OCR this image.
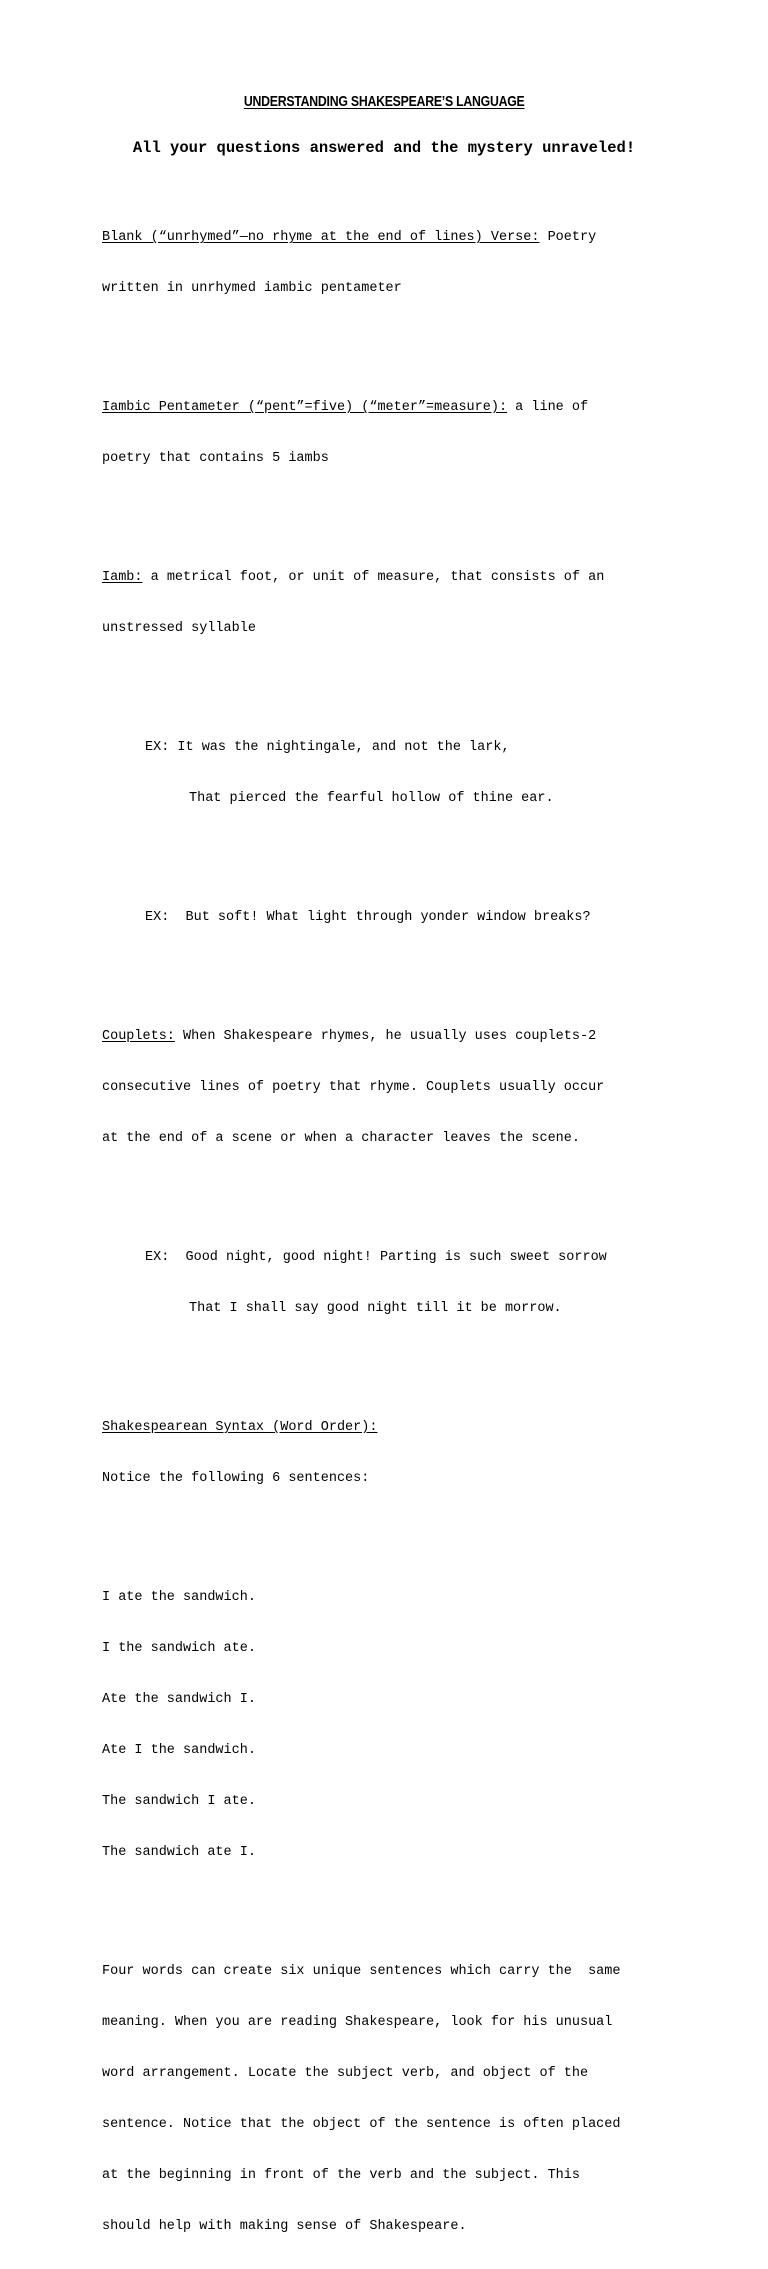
UNDERSTANDING SHAKESPEARE’S LANGUAGE
All your questions answered and the mystery unraveled!

Blank (“unrhymed”—no rhyme at the end of lines) Verse: Poetry

written in unrhymed iambic pentameter

Iambic Pentameter (“pent”=five) (“meter”=measure): a line of

poetry that contains 5 iambs

Iamb: a metrical foot, or unit of measure, that consists of an

unstressed syllable

EX: It was the nightingale, and not the lark,

That pierced the fearful hollow of thine ear.

EX:  But soft! What light through yonder window breaks?

Couplets: When Shakespeare rhymes, he usually uses couplets-2

consecutive lines of poetry that rhyme. Couplets usually occur

at the end of a scene or when a character leaves the scene.

EX:  Good night, good night! Parting is such sweet sorrow

That I shall say good night till it be morrow.

Shakespearean Syntax (Word Order):

Notice the following 6 sentences:

I ate the sandwich.

I the sandwich ate.

Ate the sandwich I.

Ate I the sandwich.

The sandwich I ate.

The sandwich ate I.

Four words can create six unique sentences which carry the  same

meaning. When you are reading Shakespeare, look for his unusual

word arrangement. Locate the subject verb, and object of the

sentence. Notice that the object of the sentence is often placed

at the beginning in front of the verb and the subject. This

should help with making sense of Shakespeare.
